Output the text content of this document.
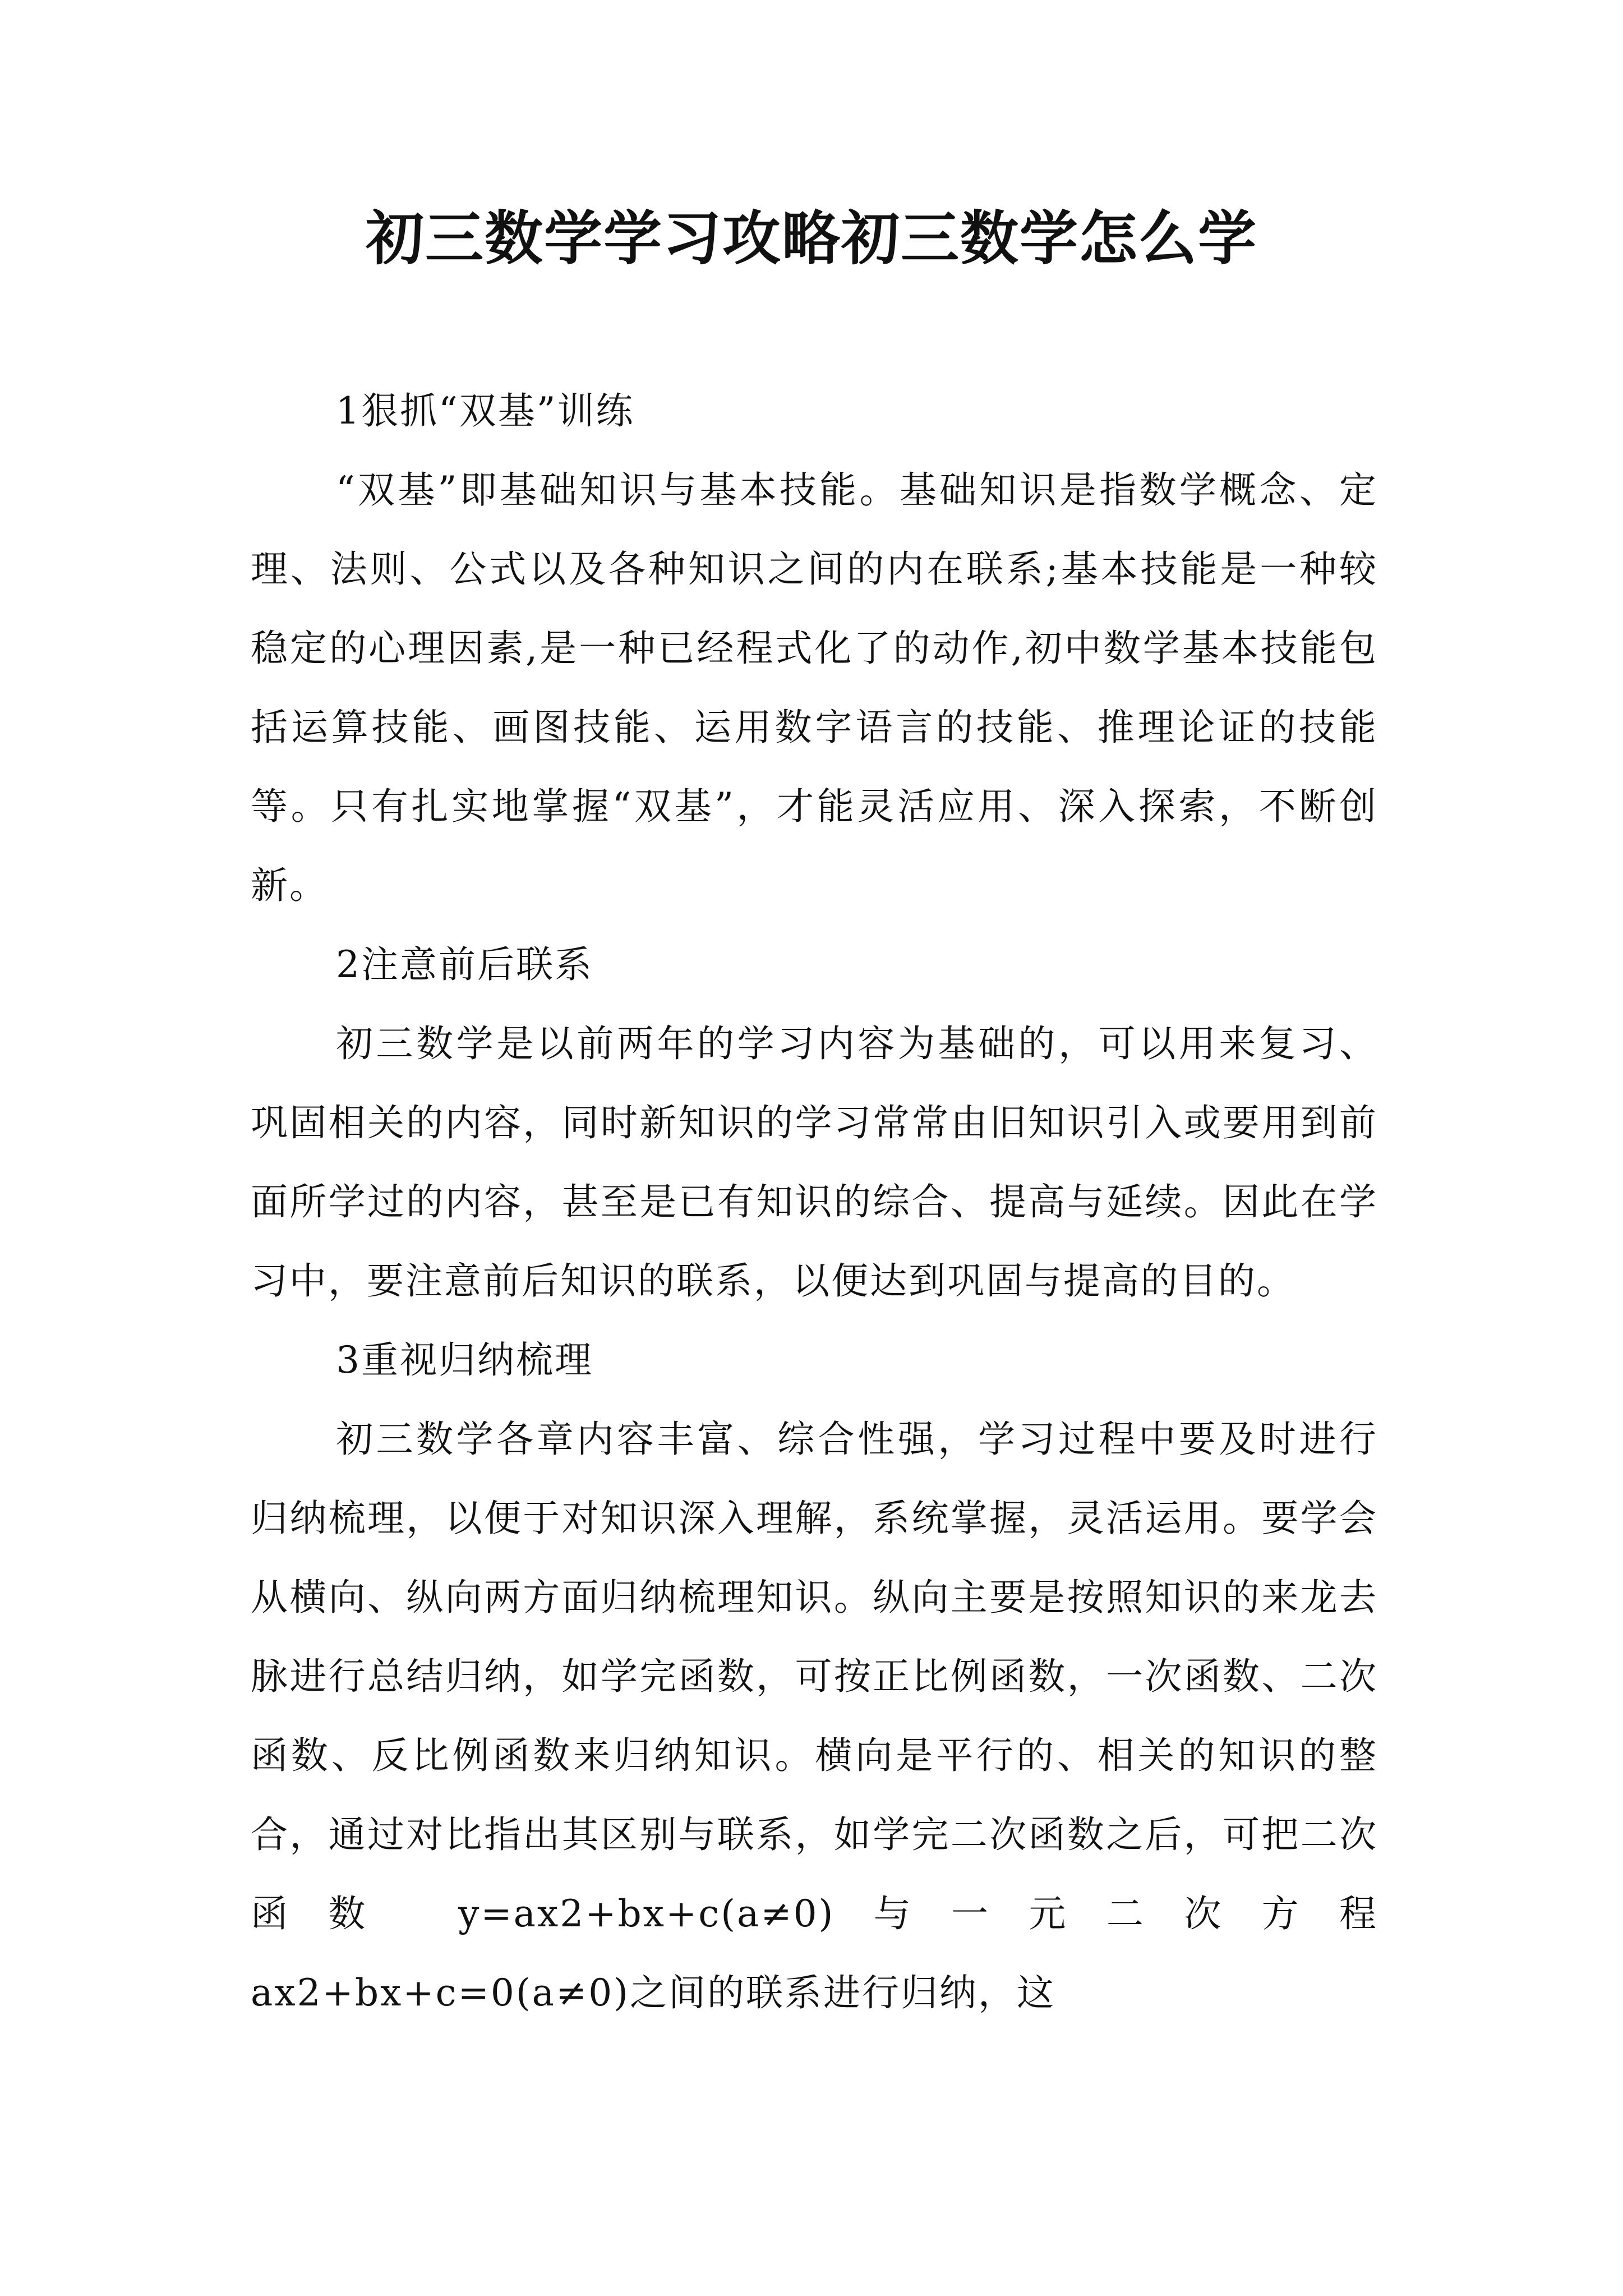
初三数学学习攻略初三数学怎么学

1狠抓“双基”训练

“双基”即基础知识与基本技能。基础知识是指数学概念、定理、法则、公式以及各种知识之间的内在联系;基本技能是一种较稳定的心理因素,是一种已经程式化了的动作,初中数学基本技能包括运算技能、画图技能、运用数字语言的技能、推理论证的技能等。只有扎实地掌握“双基”，才能灵活应用、深入探索，不断创新。

2注意前后联系

初三数学是以前两年的学习内容为基础的，可以用来复习、巩固相关的内容，同时新知识的学习常常由旧知识引入或要用到前面所学过的内容，甚至是已有知识的综合、提高与延续。因此在学习中，要注意前后知识的联系，以便达到巩固与提高的目的。

3重视归纳梳理

初三数学各章内容丰富、综合性强，学习过程中要及时进行归纳梳理，以便于对知识深入理解，系统掌握，灵活运用。要学会从横向、纵向两方面归纳梳理知识。纵向主要是按照知识的来龙去脉进行总结归纳，如学完函数，可按正比例函数，一次函数、二次函数、反比例函数来归纳知识。横向是平行的、相关的知识的整合，通过对比指出其区别与联系，如学完二次函数之后，可把二次函数 y=ax2+bx+c(a≠0)与一元二次方程 ax2+bx+c=0(a≠0)之间的联系进行归纳，这
